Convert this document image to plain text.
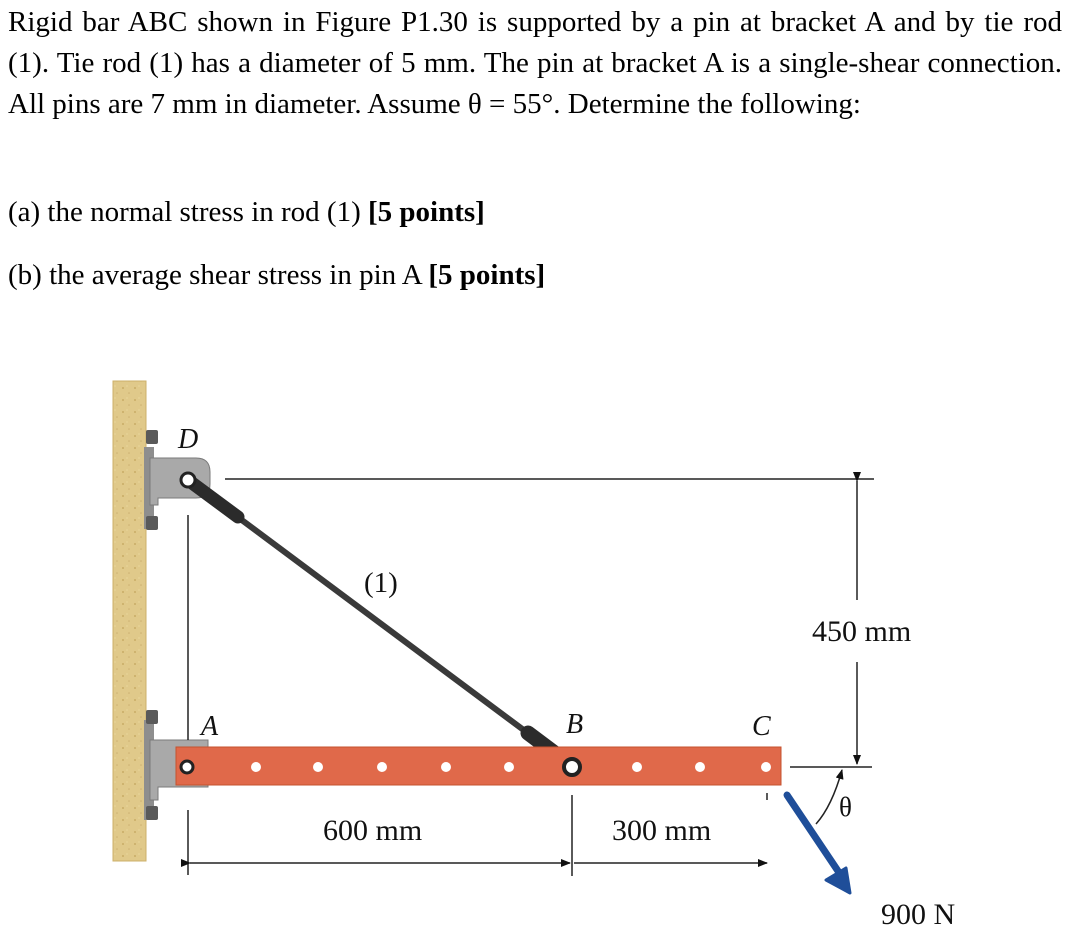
Rigid bar ABC shown in Figure P1.30 is supported by a pin at bracket A and by tie rod (1). Tie rod (1) has a diameter of 5 mm. The pin at bracket A is a single-shear connection. All pins are 7 mm in diameter. Assume θ = 55°. Determine the following:

(a) the normal stress in rod (1) [5 points]
(b) the average shear stress in pin A [5 points]
D
A	B	C
(1)
450 mm
600 mm	300 mm
θ
900 N
